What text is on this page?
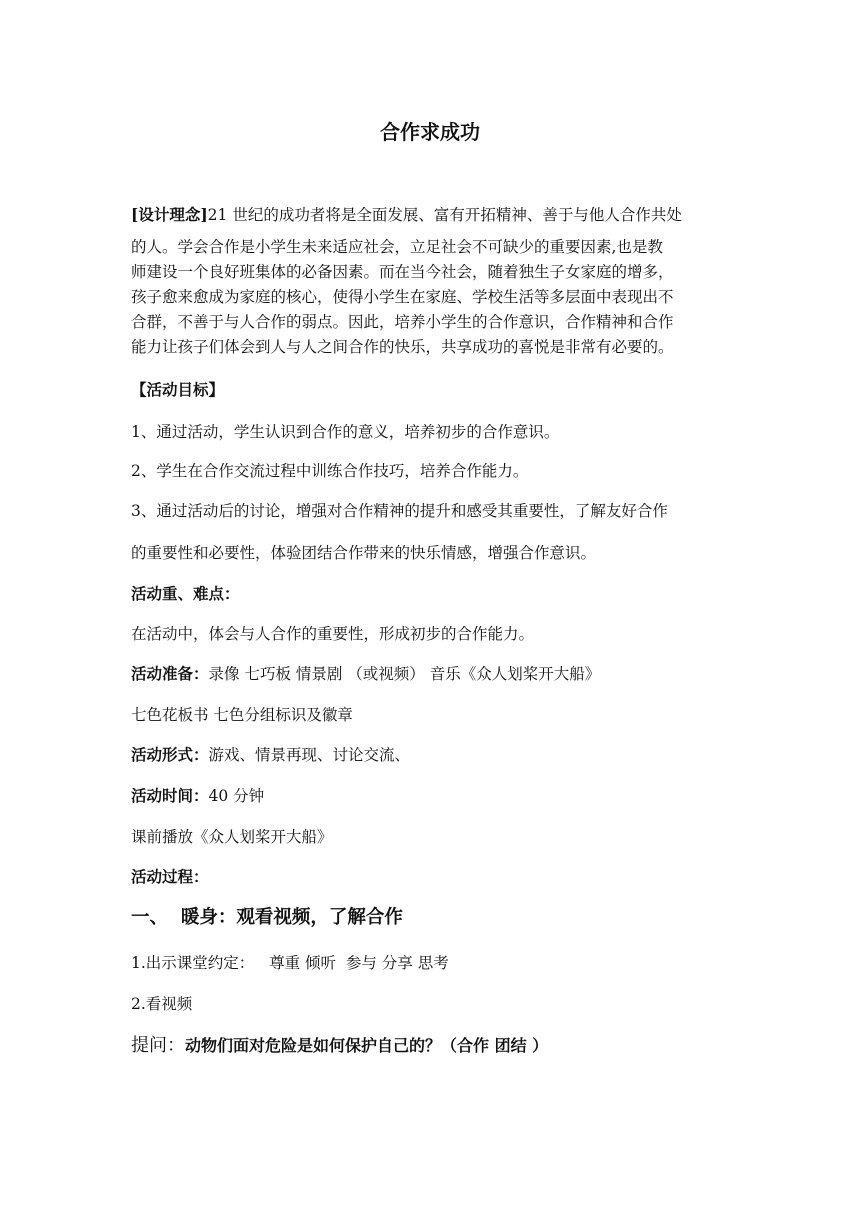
合作求成功
[设计理念]21 世纪的成功者将是全面发展、富有开拓精神、善于与他人合作共处
的人。学会合作是小学生未来适应社会，立足社会不可缺少的重要因素,也是教
师建设一个良好班集体的必备因素。而在当今社会，随着独生子女家庭的增多，
孩子愈来愈成为家庭的核心，使得小学生在家庭、学校生活等多层面中表现出不
合群，不善于与人合作的弱点。因此，培养小学生的合作意识，合作精神和合作
能力让孩子们体会到人与人之间合作的快乐，共享成功的喜悦是非常有必要的。
【活动目标】
1、通过活动，学生认识到合作的意义，培养初步的合作意识。
2、学生在合作交流过程中训练合作技巧，培养合作能力。
3、通过活动后的讨论，增强对合作精神的提升和感受其重要性，了解友好合作
的重要性和必要性，体验团结合作带来的快乐情感，增强合作意识。
活动重、难点：
在活动中，体会与人合作的重要性，形成初步的合作能力。
活动准备：录像 七巧板 情景剧 （或视频） 音乐《众人划桨开大船》
七色花板书 七色分组标识及徽章
活动形式：游戏、情景再现、讨论交流、
活动时间：40 分钟
课前播放《众人划桨开大船》
活动过程：
一、  暖身：观看视频，了解合作
1.出示课堂约定：   尊重 倾听  参与 分享 思考
2.看视频
提问：动物们面对危险是如何保护自己的？（合作 团结 ）
